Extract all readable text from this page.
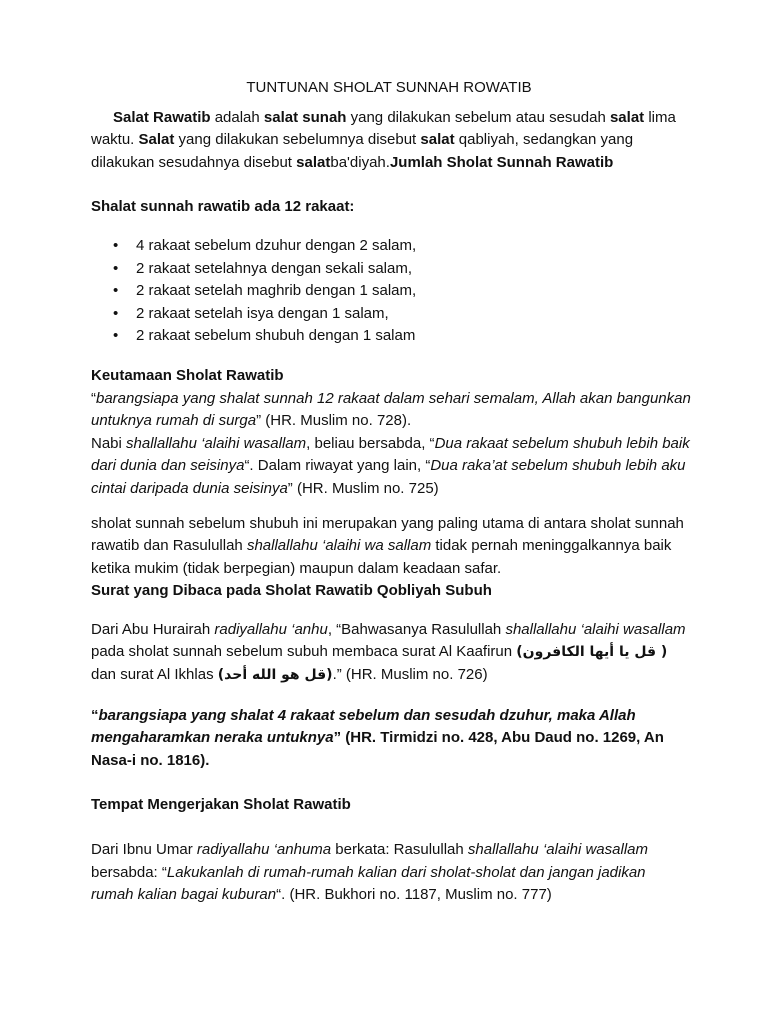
TUNTUNAN SHOLAT SUNNAH ROWATIB

Salat Rawatib adalah salat sunah yang dilakukan sebelum atau sesudah salat lima waktu. Salat yang dilakukan sebelumnya disebut salat qabliyah, sedangkan yang dilakukan sesudahnya disebut salatba'diyah.Jumlah Sholat Sunnah Rawatib

Shalat sunnah rawatib ada 12 rakaat:

• 4 rakaat sebelum dzuhur dengan 2 salam,
• 2 rakaat setelahnya dengan sekali salam,
• 2 rakaat setelah maghrib dengan 1 salam,
• 2 rakaat setelah isya dengan 1 salam,
• 2 rakaat sebelum shubuh dengan 1 salam

Keutamaan Sholat Rawatib

“barangsiapa yang shalat sunnah 12 rakaat dalam sehari semalam, Allah akan bangunkan untuknya rumah di surga” (HR. Muslim no. 728).

Nabi shallallahu ‘alaihi wasallam, beliau bersabda, “Dua rakaat sebelum shubuh lebih baik dari dunia dan seisinya“. Dalam riwayat yang lain, “Dua raka’at sebelum shubuh lebih aku cintai daripada dunia seisinya” (HR. Muslim no. 725)

sholat sunnah sebelum shubuh ini merupakan yang paling utama di antara sholat sunnah rawatib dan Rasulullah shallallahu ‘alaihi wa sallam tidak pernah meninggalkannya baik ketika mukim (tidak berpegian) maupun dalam keadaan safar.

Surat yang Dibaca pada Sholat Rawatib Qobliyah Subuh

Dari Abu Hurairah radiyallahu ‘anhu, “Bahwasanya Rasulullah shallallahu ‘alaihi wasallam pada sholat sunnah sebelum subuh membaca surat Al Kaafirun ( قل يا أيها الكافرون) dan surat Al Ikhlas (قل هو الله أحد).” (HR. Muslim no. 726)

“barangsiapa yang shalat 4 rakaat sebelum dan sesudah dzuhur, maka Allah mengaharamkan neraka untuknya” (HR. Tirmidzi no. 428, Abu Daud no. 1269, An Nasa-i no. 1816).

Tempat Mengerjakan Sholat Rawatib

Dari Ibnu Umar radiyallahu ‘anhuma berkata: Rasulullah shallallahu ‘alaihi wasallam bersabda: “Lakukanlah di rumah-rumah kalian dari sholat-sholat dan jangan jadikan rumah kalian bagai kuburan“. (HR. Bukhori no. 1187, Muslim no. 777)
